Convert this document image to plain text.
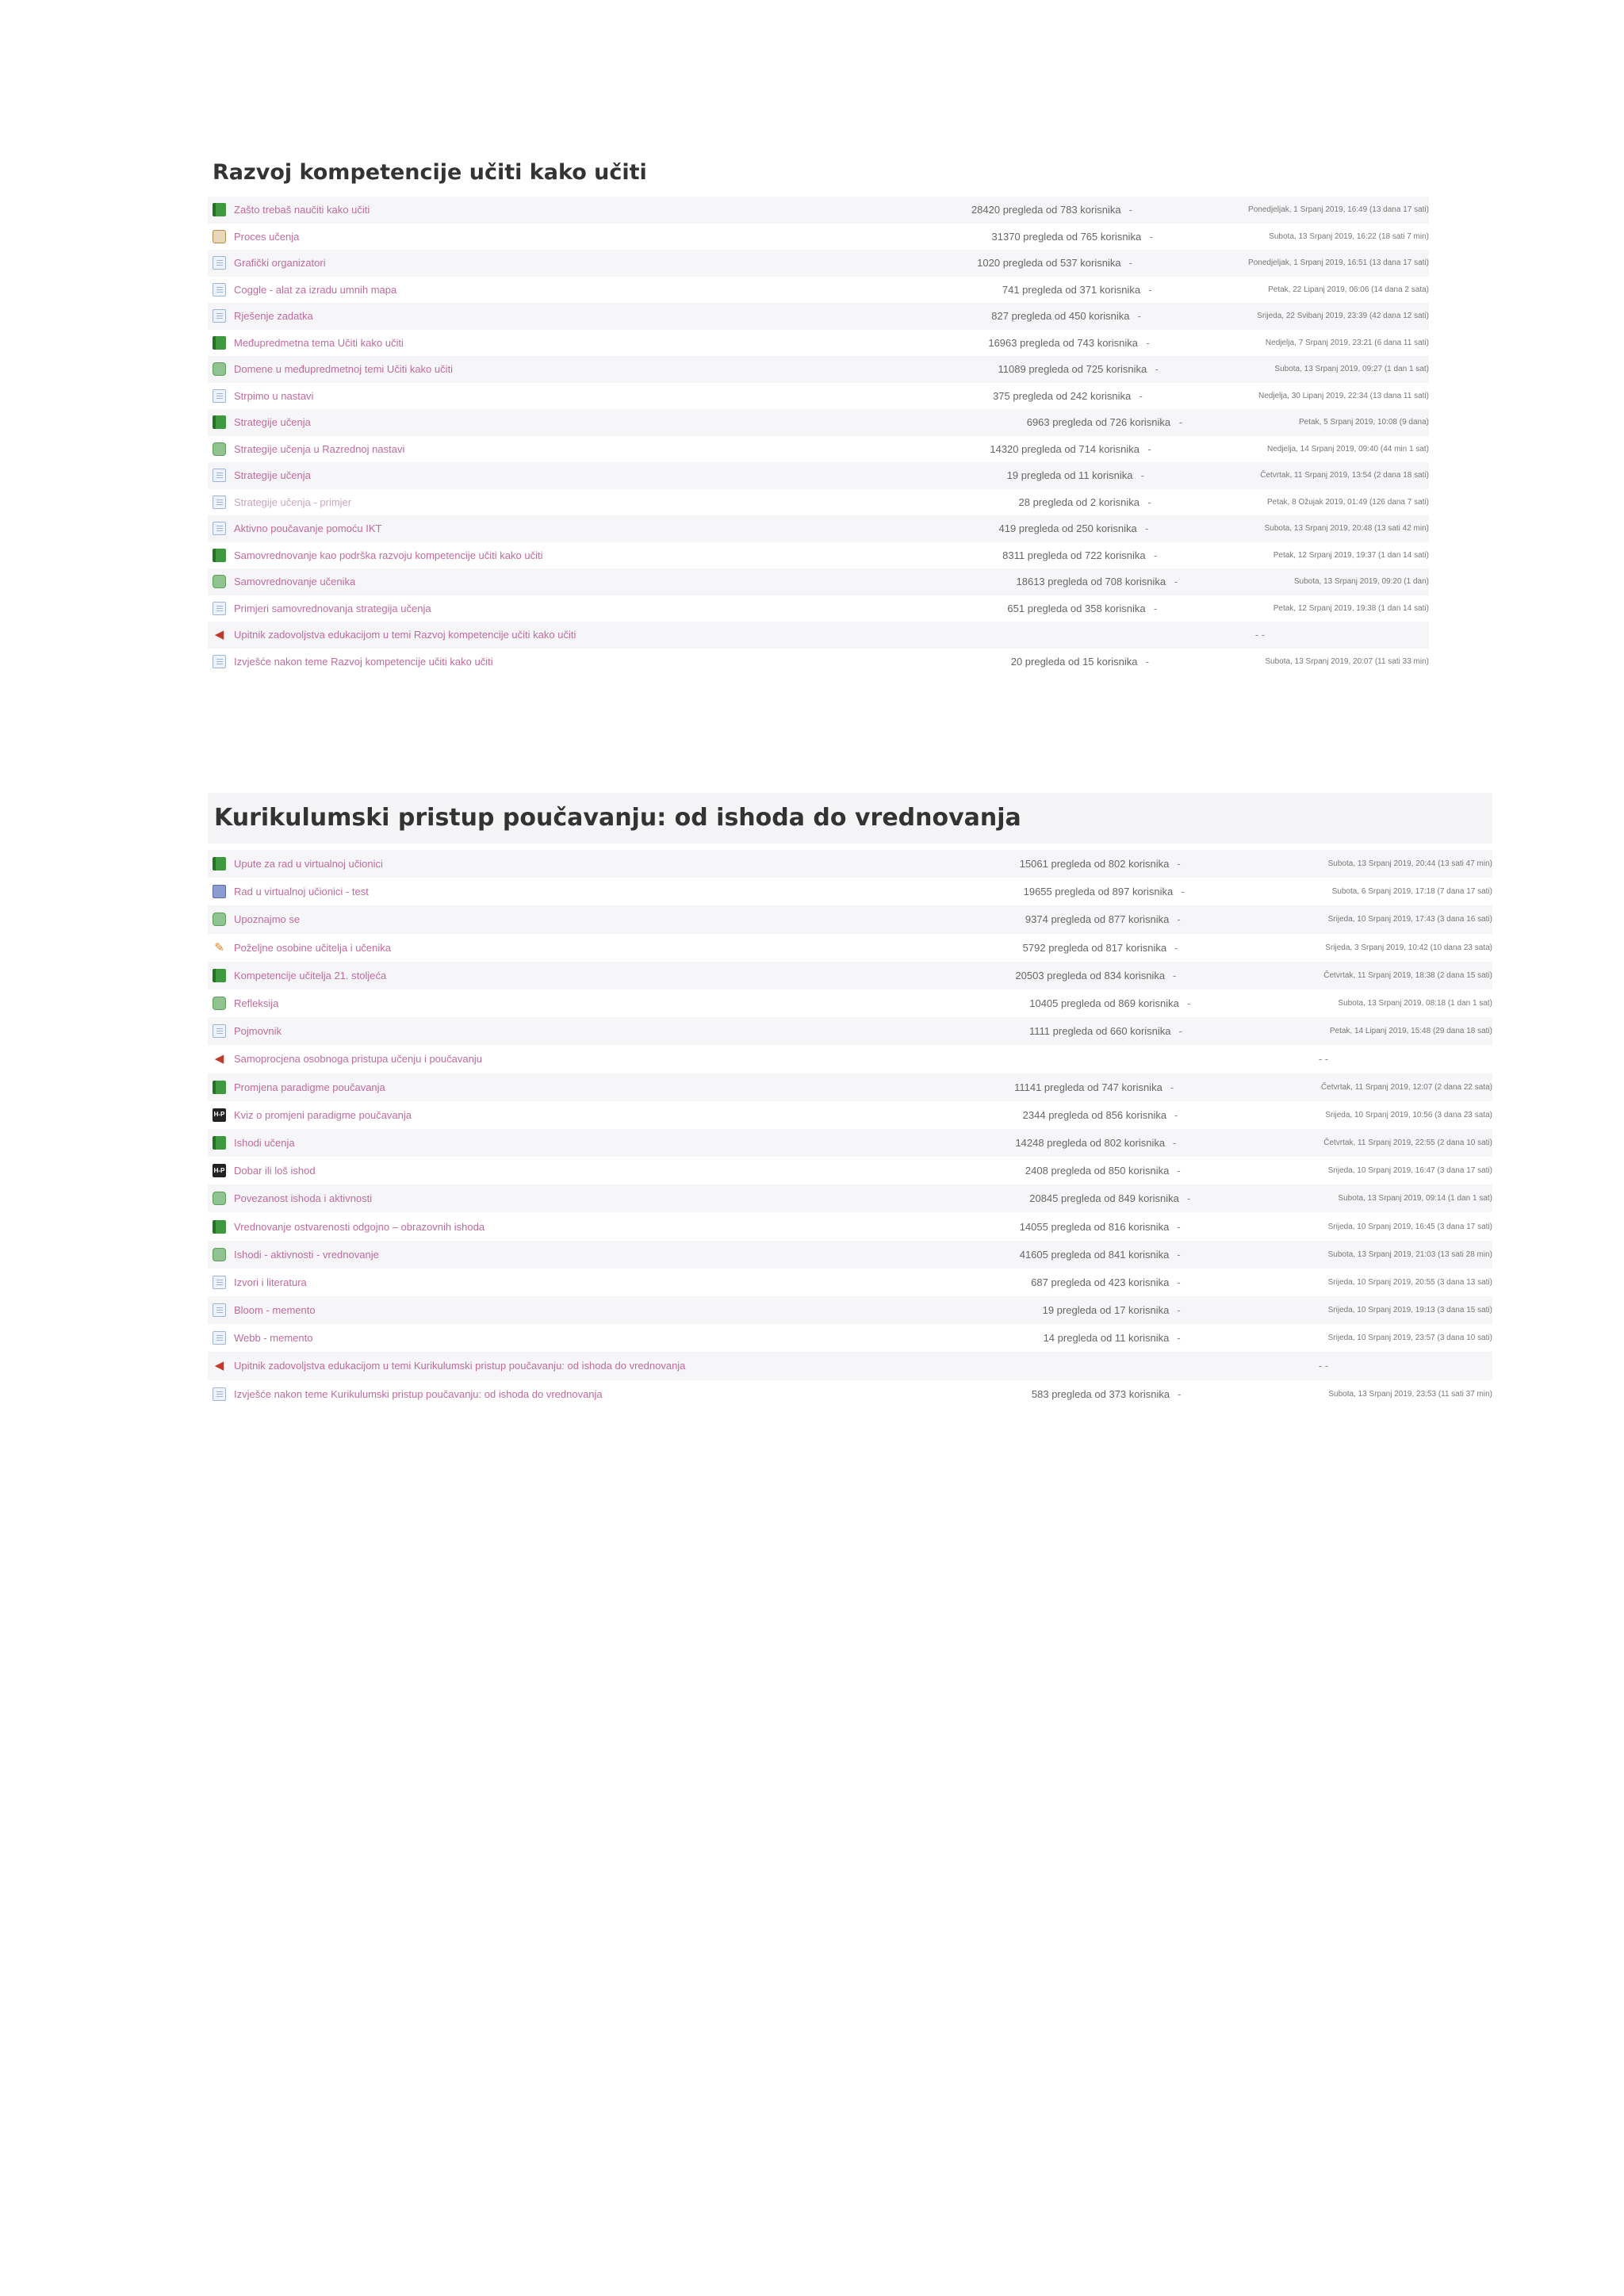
Razvoj kompetencije učiti kako učiti
Zašto trebaš naučiti kako učiti	28420 pregleda od 783 korisnika -	Ponedjeljak, 1 Srpanj 2019, 16:49 (13 dana 17 sati)
Proces učenja	31370 pregleda od 765 korisnika -	Subota, 13 Srpanj 2019, 16:22 (18 sati 7 min)
Grafički organizatori	1020 pregleda od 537 korisnika -	Ponedjeljak, 1 Srpanj 2019, 16:51 (13 dana 17 sati)
Coggle - alat za izradu umnih mapa	741 pregleda od 371 korisnika -	Petak, 22 Lipanj 2019, 06:06 (14 dana 2 sata)
Rješenje zadatka	827 pregleda od 450 korisnika -	Srijeda, 22 Svibanj 2019, 23:39 (42 dana 12 sati)
Međupredmetna tema Učiti kako učiti	16963 pregleda od 743 korisnika -	Nedjelja, 7 Srpanj 2019, 23:21 (6 dana 11 sati)
Domene u međupredmetnoj temi Učiti kako učiti	11089 pregleda od 725 korisnika -	Subota, 13 Srpanj 2019, 09:27 (1 dan 1 sat)
Strpimo u nastavi	375 pregleda od 242 korisnika -	Nedjelja, 30 Lipanj 2019, 22:34 (13 dana 11 sati)
Strategije učenja	6963 pregleda od 726 korisnika -	Petak, 5 Srpanj 2019, 10:08 (9 dana)
Strategije učenja u Razrednoj nastavi	14320 pregleda od 714 korisnika -	Nedjelja, 14 Srpanj 2019, 09:40 (44 min 1 sat)
Strategije učenja	19 pregleda od 11 korisnika -	Četvrtak, 11 Srpanj 2019, 13:54 (2 dana 18 sati)
Strategije učenja - primjer	28 pregleda od 2 korisnika -	Petak, 8 Ožujak 2019, 01:49 (126 dana 7 sati)
Aktivno poučavanje pomoću IKT	419 pregleda od 250 korisnika -	Subota, 13 Srpanj 2019, 20:48 (13 sati 42 min)
Samovrednovanje kao podrška razvoju kompetencije učiti kako učiti	8311 pregleda od 722 korisnika -	Petak, 12 Srpanj 2019, 19:37 (1 dan 14 sati)
Samovrednovanje učenika	18613 pregleda od 708 korisnika -	Subota, 13 Srpanj 2019, 09:20 (1 dan)
Primjeri samovrednovanja strategija učenja	651 pregleda od 358 korisnika -	Petak, 12 Srpanj 2019, 19:38 (1 dan 14 sati)
◀ Upitnik zadovoljstva edukacijom u temi Razvoj kompetencije učiti kako učiti	- -
Izvješće nakon teme Razvoj kompetencije učiti kako učiti	20 pregleda od 15 korisnika -	Subota, 13 Srpanj 2019, 20:07 (11 sati 33 min)
Kurikulumski pristup poučavanju: od ishoda do vrednovanja
Upute za rad u virtualnoj učionici	15061 pregleda od 802 korisnika -	Subota, 13 Srpanj 2019, 20:44 (13 sati 47 min)
Rad u virtualnoj učionici - test	19655 pregleda od 897 korisnika -	Subota, 6 Srpanj 2019, 17:18 (7 dana 17 sati)
Upoznajmo se	9374 pregleda od 877 korisnika -	Srijeda, 10 Srpanj 2019, 17:43 (3 dana 16 sati)
✎ Poželjne osobine učitelja i učenika	5792 pregleda od 817 korisnika -	Srijeda, 3 Srpanj 2019, 10:42 (10 dana 23 sata)
Kompetencije učitelja 21. stoljeća	20503 pregleda od 834 korisnika -	Četvrtak, 11 Srpanj 2019, 18:38 (2 dana 15 sati)
Refleksija	10405 pregleda od 869 korisnika -	Subota, 13 Srpanj 2019, 08:18 (1 dan 1 sat)
Pojmovnik	1111 pregleda od 660 korisnika -	Petak, 14 Lipanj 2019, 15:48 (29 dana 18 sati)
◀ Samoprocjena osobnoga pristupa učenju i poučavanju	- -
Promjena paradigme poučavanja	11141 pregleda od 747 korisnika -	Četvrtak, 11 Srpanj 2019, 12:07 (2 dana 22 sata)
H-P Kviz o promjeni paradigme poučavanja	2344 pregleda od 856 korisnika -	Srijeda, 10 Srpanj 2019, 10:56 (3 dana 23 sata)
Ishodi učenja	14248 pregleda od 802 korisnika -	Četvrtak, 11 Srpanj 2019, 22:55 (2 dana 10 sati)
H-P Dobar ili loš ishod	2408 pregleda od 850 korisnika -	Srijeda, 10 Srpanj 2019, 16:47 (3 dana 17 sati)
Povezanost ishoda i aktivnosti	20845 pregleda od 849 korisnika -	Subota, 13 Srpanj 2019, 09:14 (1 dan 1 sat)
Vrednovanje ostvarenosti odgojno – obrazovnih ishoda	14055 pregleda od 816 korisnika -	Srijeda, 10 Srpanj 2019, 16:45 (3 dana 17 sati)
Ishodi - aktivnosti - vrednovanje	41605 pregleda od 841 korisnika -	Subota, 13 Srpanj 2019, 21:03 (13 sati 28 min)
Izvori i literatura	687 pregleda od 423 korisnika -	Srijeda, 10 Srpanj 2019, 20:55 (3 dana 13 sati)
Bloom - memento	19 pregleda od 17 korisnika -	Srijeda, 10 Srpanj 2019, 19:13 (3 dana 15 sati)
Webb - memento	14 pregleda od 11 korisnika -	Srijeda, 10 Srpanj 2019, 23:57 (3 dana 10 sati)
◀ Upitnik zadovoljstva edukacijom u temi Kurikulumski pristup poučavanju: od ishoda do vrednovanja	- -
Izvješće nakon teme Kurikulumski pristup poučavanju: od ishoda do vrednovanja	583 pregleda od 373 korisnika -	Subota, 13 Srpanj 2019, 23:53 (11 sati 37 min)
